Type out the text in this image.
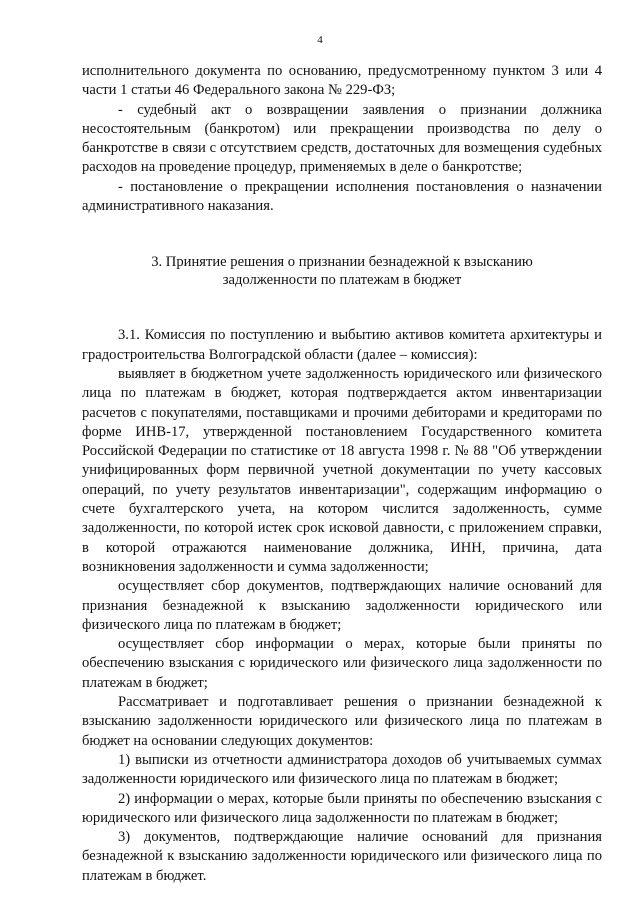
4

исполнительного документа по основанию, предусмотренному пунктом 3 или 4 части 1 статьи 46 Федерального закона № 229-ФЗ;

- судебный акт о возвращении заявления о признании должника несостоятельным (банкротом) или прекращении производства по делу о банкротстве в связи с отсутствием средств, достаточных для возмещения судебных расходов на проведение процедур, применяемых в деле о банкротстве;

- постановление о прекращении исполнения постановления о назначении административного наказания.

3. Принятие решения о признании безнадежной к взысканию
задолженности по платежам в бюджет

3.1. Комиссия по поступлению и выбытию активов комитета архитектуры и градостроительства Волгоградской области (далее – комиссия):

выявляет в бюджетном учете задолженность юридического или физического лица по платежам в бюджет, которая подтверждается актом инвентаризации расчетов с покупателями, поставщиками и прочими дебиторами и кредиторами по форме ИНВ-17, утвержденной постановлением Государственного комитета Российской Федерации по статистике от 18 августа 1998 г. № 88 "Об утверждении унифицированных форм первичной учетной документации по учету кассовых операций, по учету результатов инвентаризации", содержащим информацию о счете бухгалтерского учета, на котором числится задолженность, сумме задолженности, по которой истек срок исковой давности, с приложением справки, в которой отражаются наименование должника, ИНН, причина, дата возникновения задолженности и сумма задолженности;

осуществляет сбор документов, подтверждающих наличие оснований для признания безнадежной к взысканию задолженности юридического или физического лица по платежам в бюджет;

осуществляет сбор информации о мерах, которые были приняты по обеспечению взыскания с юридического или физического лица задолженности по платежам в бюджет;

Рассматривает и подготавливает решения о признании безнадежной к взысканию задолженности юридического или физического лица по платежам в бюджет на основании следующих документов:

1) выписки из отчетности администратора доходов об учитываемых суммах задолженности юридического или физического лица по платежам в бюджет;

2) информации о мерах, которые были приняты по обеспечению взыскания с юридического или физического лица задолженности по платежам в бюджет;

3) документов, подтверждающие наличие оснований для признания безнадежной к взысканию задолженности юридического или физического лица по платежам в бюджет.
